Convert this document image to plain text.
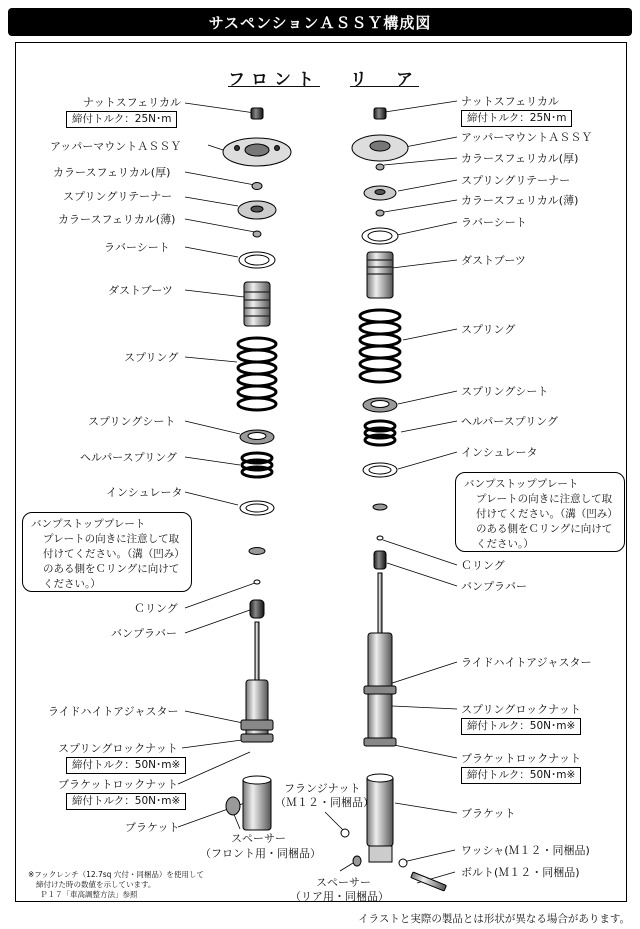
サスペンションＡＳＳＹ構成図
フロント リ　ア
ナットスフェリカル
締付トルク：25N･m
アッパーマウントＡＳＳＹ
カラースフェリカル(厚)
スプリングリテーナー
カラースフェリカル(薄)
ラバーシート
ダストブーツ
スプリング
スプリングシート
ヘルパースプリング
インシュレータ
Ｃリング
バンプラバー
ライドハイトアジャスター
スプリングロックナット
締付トルク：50N･m※
ブラケットロックナット
締付トルク：50N･m※
ブラケット
スペーサー
（フロント用・同梱品）
ナットスフェリカル
締付トルク：25N･m
アッパーマウントＡＳＳＹ
カラースフェリカル(厚)
スプリングリテーナー
カラースフェリカル(薄)
ラバーシート
ダストブーツ
スプリング
スプリングシート
ヘルパースプリング
インシュレータ
Ｃリング
バンプラバー
ライドハイトアジャスター
スプリングロックナット
締付トルク：50N･m※
ブラケットロックナット
締付トルク：50N･m※
ブラケット
フランジナット
（Ｍ１２・同梱品）
ワッシャ(Ｍ１２・同梱品)
ボルト(Ｍ１２・同梱品)
スペーサー
（リア用・同梱品）
バンプストッププレート
プレートの向きに注意して取付けてください。（溝（凹み）のある側をＣリングに向けてください。）
バンプストッププレート
プレートの向きに注意して取付けてください。（溝（凹み）のある側をＣリングに向けてください。）
※フックレンチ（12.7sq 穴付・同梱品）を使用して
締付けた時の数値を示しています。
Ｐ１７「車高調整方法」参照
イラストと実際の製品とは形状が異なる場合があります。
